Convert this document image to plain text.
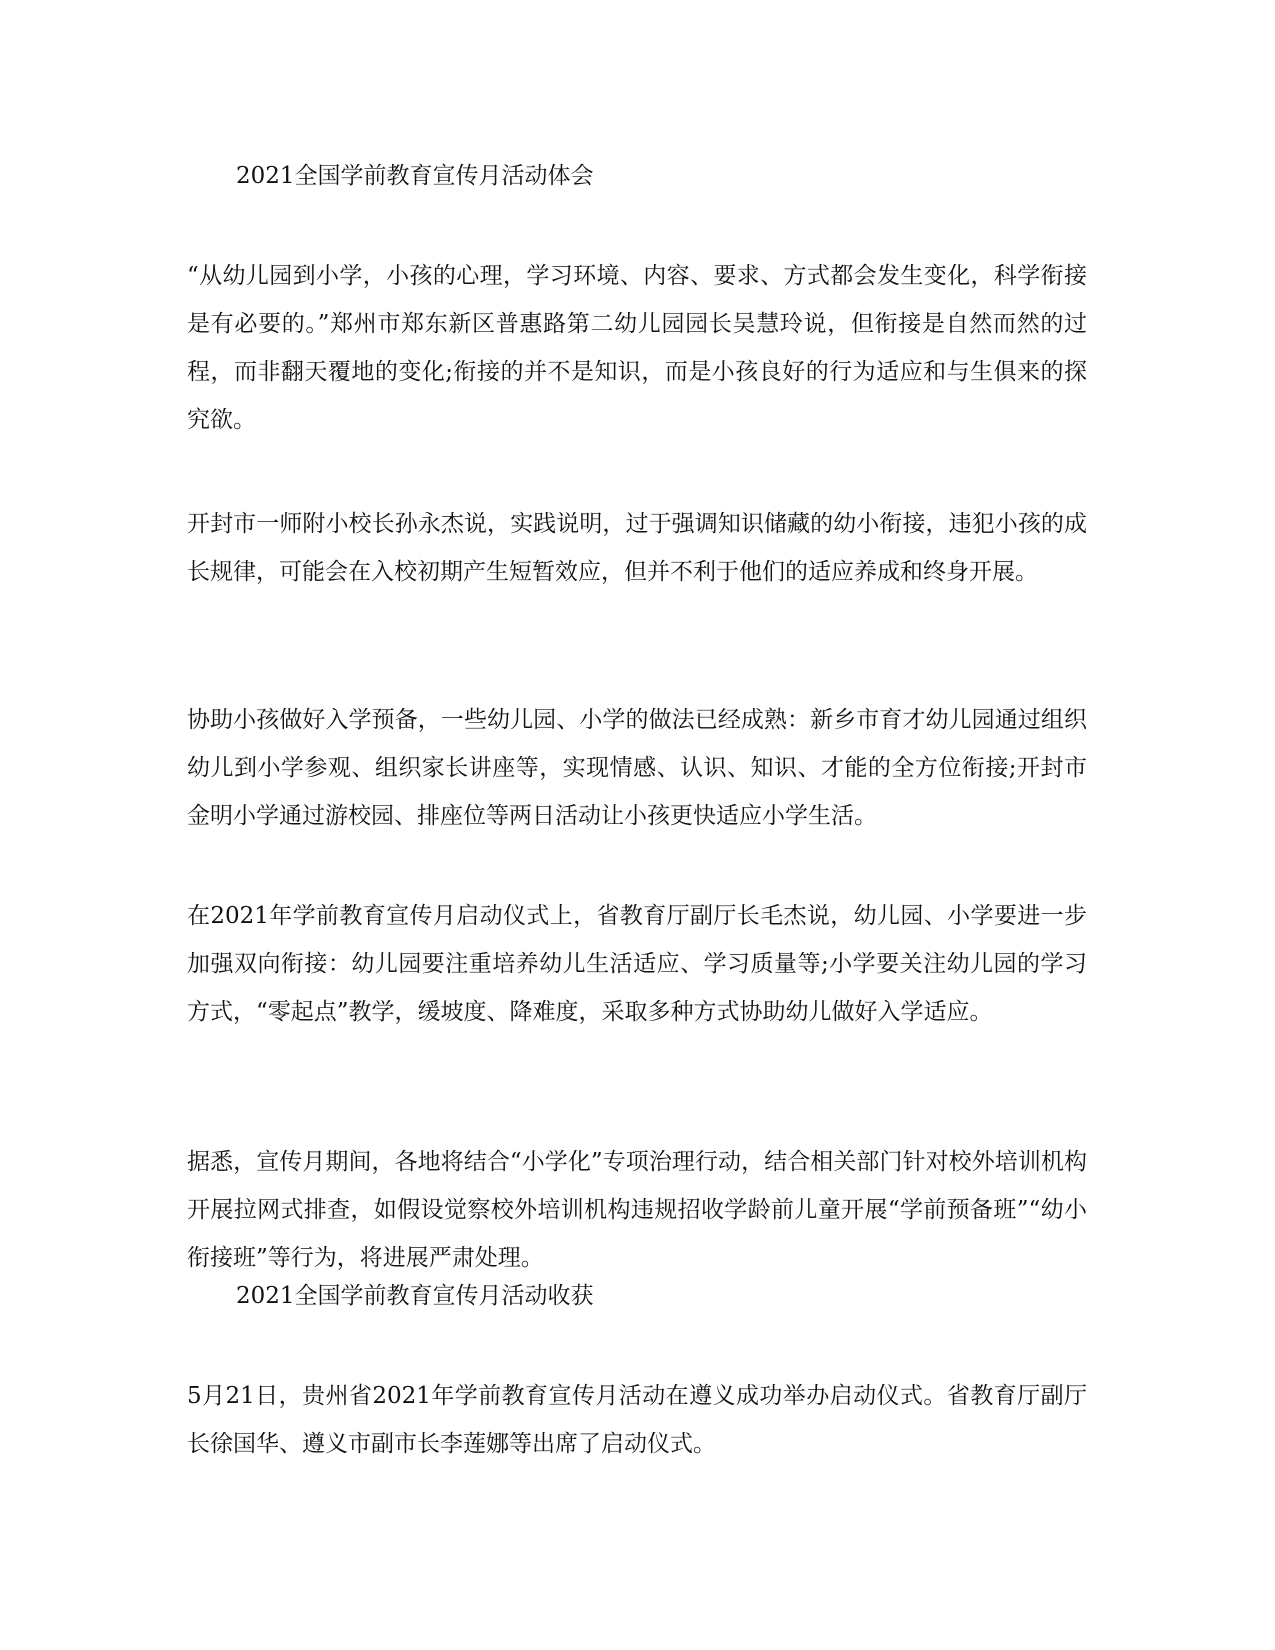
2021全国学前教育宣传月活动体会
“从幼儿园到小学，小孩的心理，学习环境、内容、要求、方式都会发生变化，科学衔接是有必要的。”郑州市郑东新区普惠路第二幼儿园园长吴慧玲说，但衔接是自然而然的过程，而非翻天覆地的变化;衔接的并不是知识，而是小孩良好的行为适应和与生俱来的探究欲。
开封市一师附小校长孙永杰说，实践说明，过于强调知识储藏的幼小衔接，违犯小孩的成长规律，可能会在入校初期产生短暂效应，但并不利于他们的适应养成和终身开展。
协助小孩做好入学预备，一些幼儿园、小学的做法已经成熟：新乡市育才幼儿园通过组织幼儿到小学参观、组织家长讲座等，实现情感、认识、知识、才能的全方位衔接;开封市金明小学通过游校园、排座位等两日活动让小孩更快适应小学生活。
在2021年学前教育宣传月启动仪式上，省教育厅副厅长毛杰说，幼儿园、小学要进一步加强双向衔接：幼儿园要注重培养幼儿生活适应、学习质量等;小学要关注幼儿园的学习方式，“零起点”教学，缓坡度、降难度，采取多种方式协助幼儿做好入学适应。
据悉，宣传月期间，各地将结合“小学化”专项治理行动，结合相关部门针对校外培训机构开展拉网式排查，如假设觉察校外培训机构违规招收学龄前儿童开展“学前预备班”“幼小衔接班”等行为，将进展严肃处理。
2021全国学前教育宣传月活动收获
5月21日，贵州省2021年学前教育宣传月活动在遵义成功举办启动仪式。省教育厅副厅长徐国华、遵义市副市长李莲娜等出席了启动仪式。
